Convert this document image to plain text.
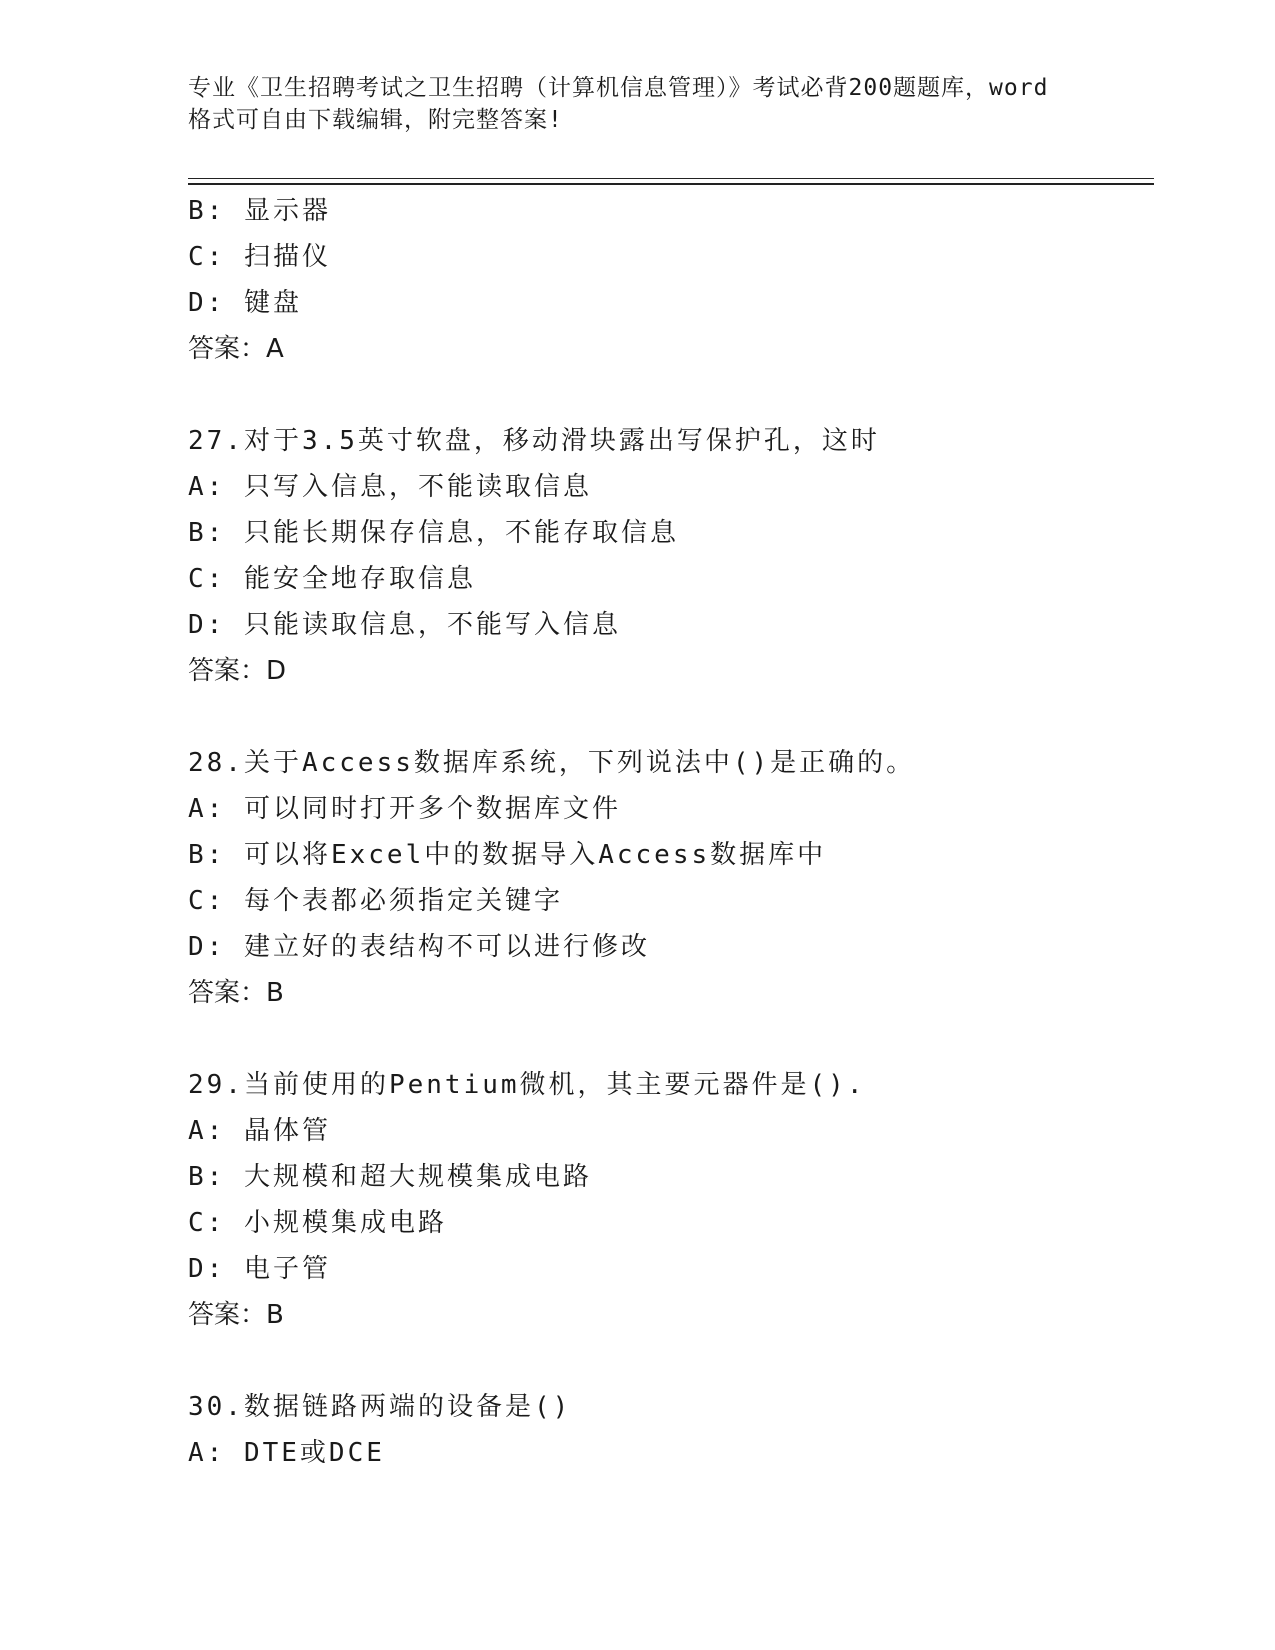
专业《卫生招聘考试之卫生招聘（计算机信息管理）》考试必背200题题库，word
格式可自由下载编辑，附完整答案!
B: 显示器
C: 扫描仪
D: 键盘
答案：A
27.对于3.5英寸软盘，移动滑块露出写保护孔，这时
A: 只写入信息，不能读取信息
B: 只能长期保存信息，不能存取信息
C: 能安全地存取信息
D: 只能读取信息，不能写入信息
答案：D
28.关于Access数据库系统，下列说法中()是正确的。
A: 可以同时打开多个数据库文件
B: 可以将Excel中的数据导入Access数据库中
C: 每个表都必须指定关键字
D: 建立好的表结构不可以进行修改
答案：B
29.当前使用的Pentium微机，其主要元器件是().
A: 晶体管
B: 大规模和超大规模集成电路
C: 小规模集成电路
D: 电子管
答案：B
30.数据链路两端的设备是()
A: DTE或DCE
